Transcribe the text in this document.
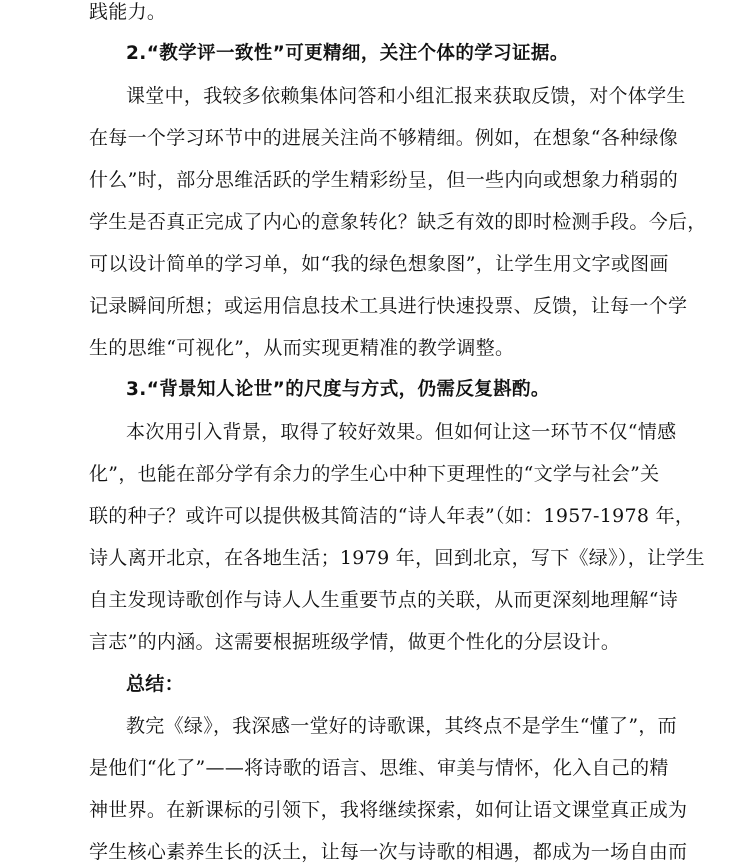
践能力。
2.“教学评一致性”可更精细，关注个体的学习证据。
课堂中，我较多依赖集体问答和小组汇报来获取反馈，对个体学生
在每一个学习环节中的进展关注尚不够精细。例如，在想象“各种绿像
什么”时，部分思维活跃的学生精彩纷呈，但一些内向或想象力稍弱的
学生是否真正完成了内心的意象转化？缺乏有效的即时检测手段。今后，
可以设计简单的学习单，如“我的绿色想象图”，让学生用文字或图画
记录瞬间所想；或运用信息技术工具进行快速投票、反馈，让每一个学
生的思维“可视化”，从而实现更精准的教学调整。
3.“背景知人论世”的尺度与方式，仍需反复斟酌。
本次用引入背景，取得了较好效果。但如何让这一环节不仅“情感
化”，也能在部分学有余力的学生心中种下更理性的“文学与社会”关
联的种子？或许可以提供极其简洁的“诗人年表”（如：1957-1978 年，
诗人离开北京，在各地生活；1979 年，回到北京，写下《绿》），让学生
自主发现诗歌创作与诗人人生重要节点的关联，从而更深刻地理解“诗
言志”的内涵。这需要根据班级学情，做更个性化的分层设计。
总结：
教完《绿》，我深感一堂好的诗歌课，其终点不是学生“懂了”，而
是他们“化了”——将诗歌的语言、思维、审美与情怀，化入自己的精
神世界。在新课标的引领下，我将继续探索，如何让语文课堂真正成为
学生核心素养生长的沃土，让每一次与诗歌的相遇，都成为一场自由而
